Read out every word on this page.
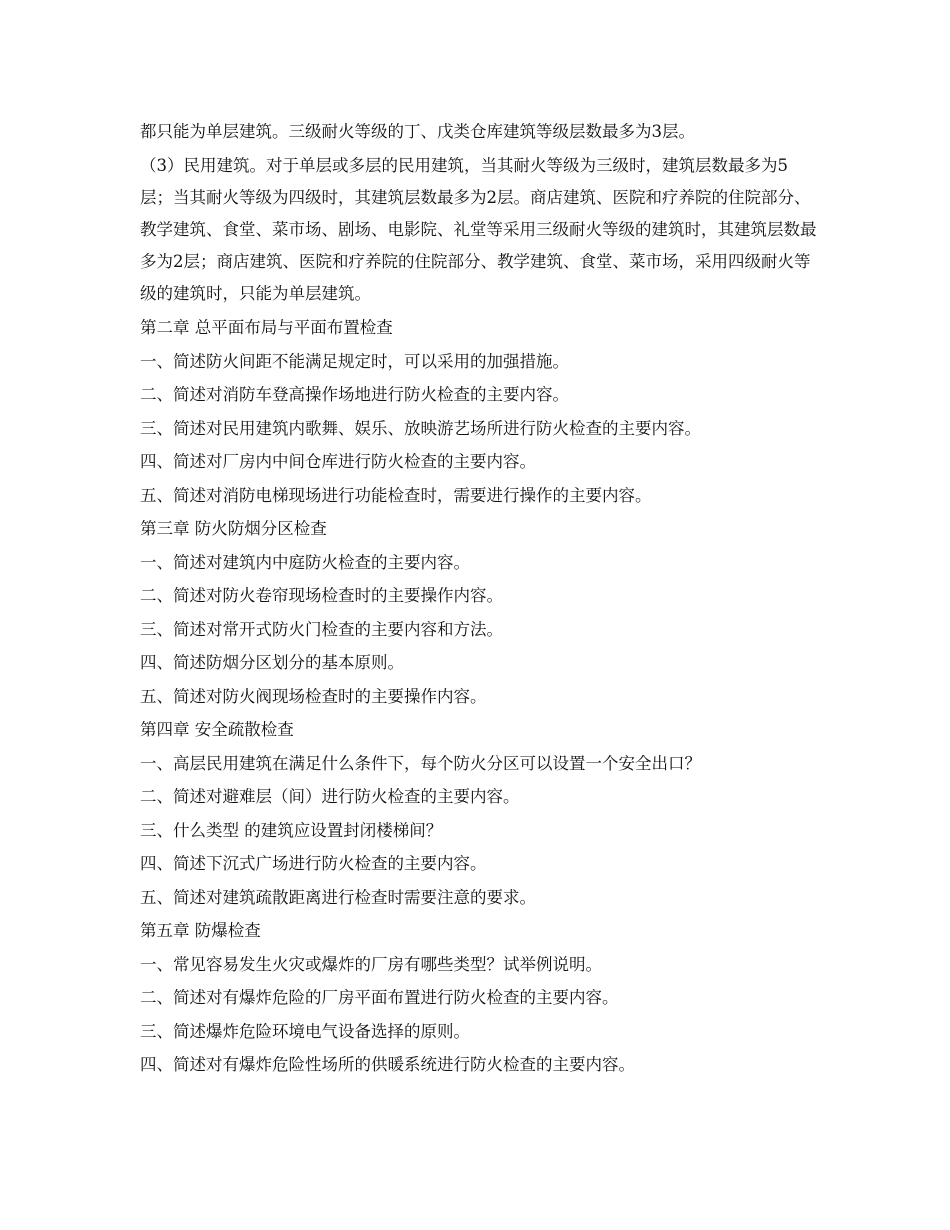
都只能为单层建筑。三级耐火等级的丁、戊类仓库建筑等级层数最多为3层。

（3）民用建筑。对于单层或多层的民用建筑，当其耐火等级为三级时，建筑层数最多为5层；当其耐火等级为四级时，其建筑层数最多为2层。商店建筑、医院和疗养院的住院部分、教学建筑、食堂、菜市场、剧场、电影院、礼堂等采用三级耐火等级的建筑时，其建筑层数最多为2层；商店建筑、医院和疗养院的住院部分、教学建筑、食堂、菜市场，采用四级耐火等级的建筑时，只能为单层建筑。

第二章 总平面布局与平面布置检查

一、简述防火间距不能满足规定时，可以采用的加强措施。

二、简述对消防车登高操作场地进行防火检查的主要内容。

三、简述对民用建筑内歌舞、娱乐、放映游艺场所进行防火检查的主要内容。

四、简述对厂房内中间仓库进行防火检查的主要内容。

五、简述对消防电梯现场进行功能检查时，需要进行操作的主要内容。

第三章 防火防烟分区检查

一、简述对建筑内中庭防火检查的主要内容。

二、简述对防火卷帘现场检查时的主要操作内容。

三、简述对常开式防火门检查的主要内容和方法。

四、简述防烟分区划分的基本原则。

五、简述对防火阀现场检查时的主要操作内容。

第四章 安全疏散检查

一、高层民用建筑在满足什么条件下，每个防火分区可以设置一个安全出口？

二、简述对避难层（间）进行防火检查的主要内容。

三、什么类型 的建筑应设置封闭楼梯间？

四、简述下沉式广场进行防火检查的主要内容。

五、简述对建筑疏散距离进行检查时需要注意的要求。

第五章 防爆检查

一、常见容易发生火灾或爆炸的厂房有哪些类型？试举例说明。

二、简述对有爆炸危险的厂房平面布置进行防火检查的主要内容。

三、简述爆炸危险环境电气设备选择的原则。

四、简述对有爆炸危险性场所的供暖系统进行防火检查的主要内容。
